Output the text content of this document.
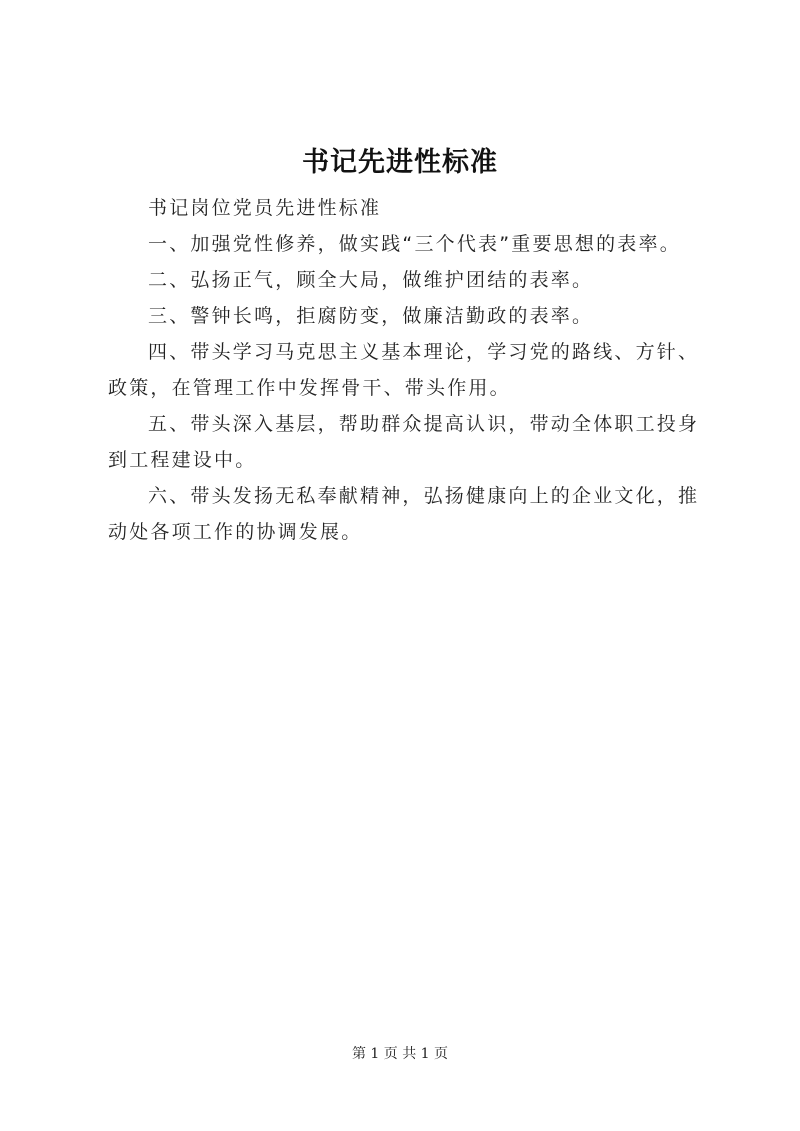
书记先进性标准

书记岗位党员先进性标准

一、加强党性修养，做实践“三个代表”重要思想的表率。

二、弘扬正气，顾全大局，做维护团结的表率。

三、警钟长鸣，拒腐防变，做廉洁勤政的表率。

四、带头学习马克思主义基本理论，学习党的路线、方针、政策，在管理工作中发挥骨干、带头作用。

五、带头深入基层，帮助群众提高认识，带动全体职工投身到工程建设中。

六、带头发扬无私奉献精神，弘扬健康向上的企业文化，推动处各项工作的协调发展。

第 1 页 共 1 页
